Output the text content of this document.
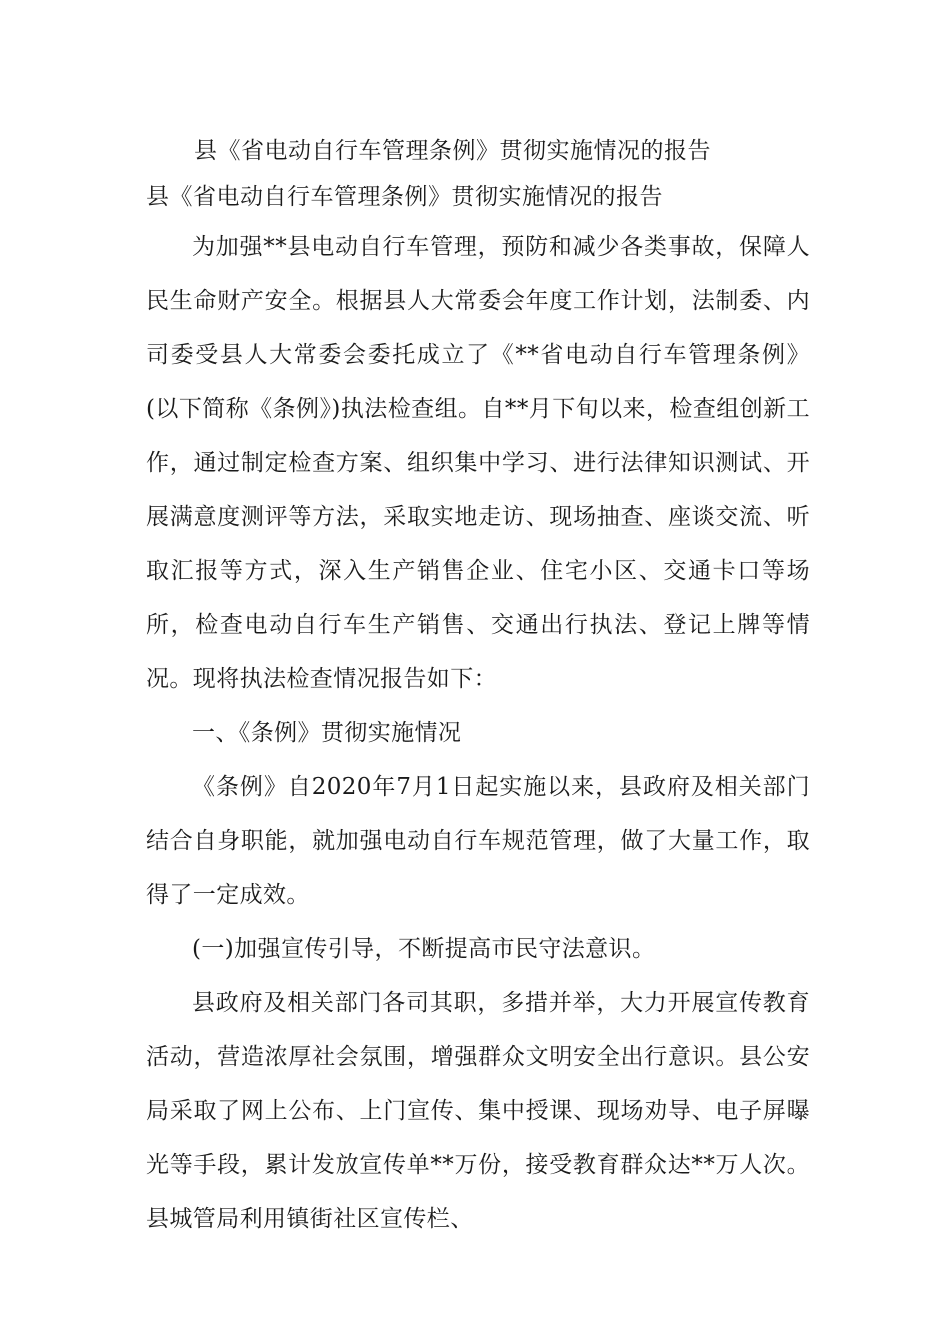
县《省电动自行车管理条例》贯彻实施情况的报告

县《省电动自行车管理条例》贯彻实施情况的报告

为加强**县电动自行车管理，预防和减少各类事故，保障人民生命财产安全。根据县人大常委会年度工作计划，法制委、内司委受县人大常委会委托成立了《**省电动自行车管理条例》(以下简称《条例》)执法检查组。自**月下旬以来，检查组创新工作，通过制定检查方案、组织集中学习、进行法律知识测试、开展满意度测评等方法，采取实地走访、现场抽查、座谈交流、听取汇报等方式，深入生产销售企业、住宅小区、交通卡口等场所，检查电动自行车生产销售、交通出行执法、登记上牌等情况。现将执法检查情况报告如下：

一、《条例》贯彻实施情况

《条例》自2020年7月1日起实施以来，县政府及相关部门结合自身职能，就加强电动自行车规范管理，做了大量工作，取得了一定成效。

(一)加强宣传引导，不断提高市民守法意识。

县政府及相关部门各司其职，多措并举，大力开展宣传教育活动，营造浓厚社会氛围，增强群众文明安全出行意识。县公安局采取了网上公布、上门宣传、集中授课、现场劝导、电子屏曝光等手段，累计发放宣传单**万份，接受教育群众达**万人次。县城管局利用镇街社区宣传栏、
